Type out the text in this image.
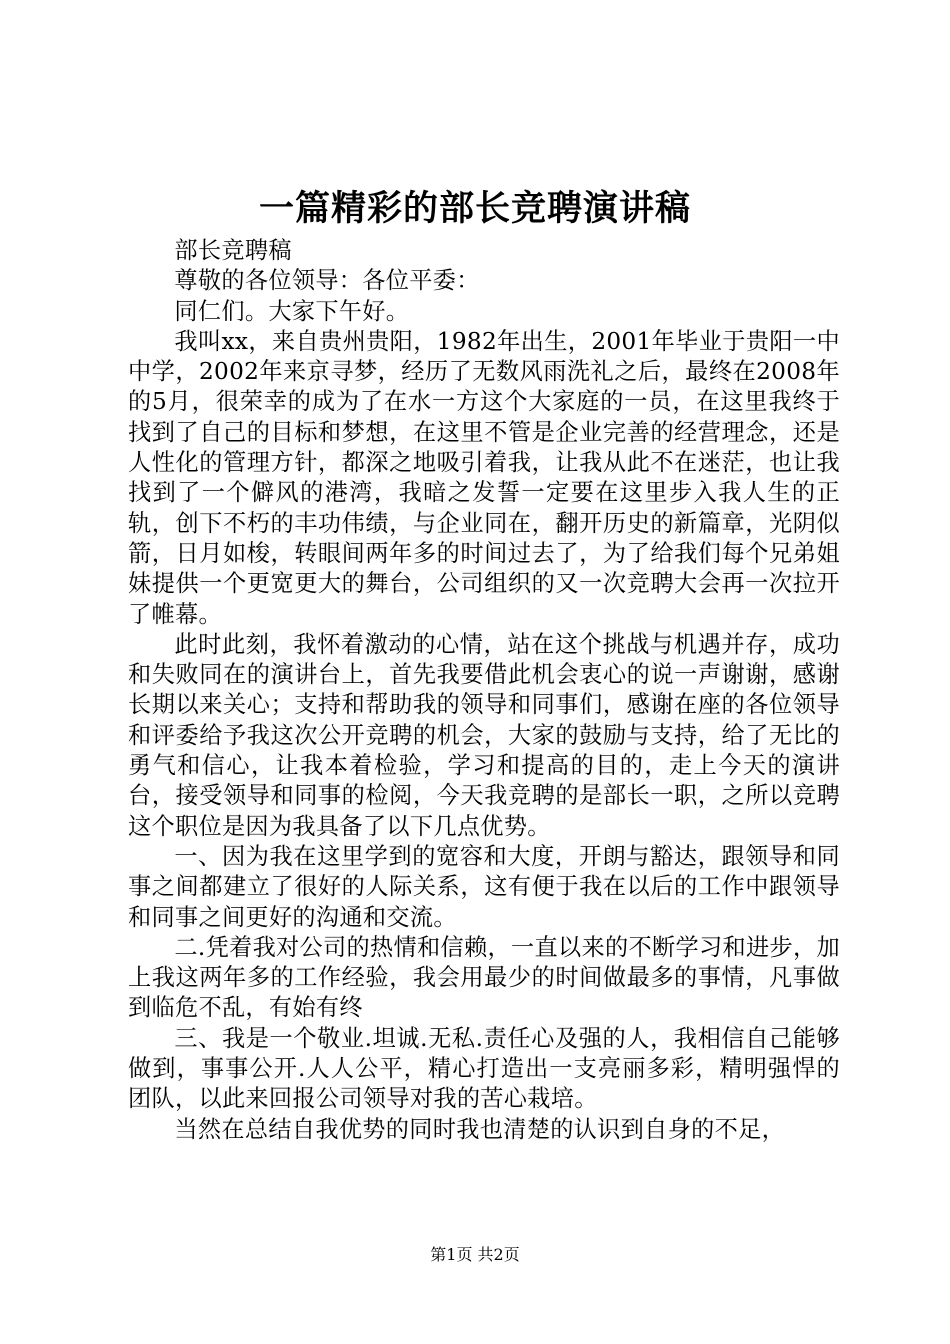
一篇精彩的部长竞聘演讲稿

部长竞聘稿

尊敬的各位领导：各位平委：

同仁们。大家下午好。

我叫xx，来自贵州贵阳，1982年出生，2001年毕业于贵阳一中中学，2002年来京寻梦，经历了无数风雨洗礼之后，最终在2008年的5月，很荣幸的成为了在水一方这个大家庭的一员，在这里我终于找到了自己的目标和梦想，在这里不管是企业完善的经营理念，还是人性化的管理方针，都深之地吸引着我，让我从此不在迷茫，也让我找到了一个僻风的港湾，我暗之发誓一定要在这里步入我人生的正轨，创下不朽的丰功伟绩，与企业同在，翻开历史的新篇章，光阴似箭，日月如梭，转眼间两年多的时间过去了，为了给我们每个兄弟姐妹提供一个更宽更大的舞台，公司组织的又一次竞聘大会再一次拉开了帷幕。

此时此刻，我怀着激动的心情，站在这个挑战与机遇并存，成功和失败同在的演讲台上，首先我要借此机会衷心的说一声谢谢，感谢长期以来关心；支持和帮助我的领导和同事们，感谢在座的各位领导和评委给予我这次公开竞聘的机会，大家的鼓励与支持，给了无比的勇气和信心，让我本着检验，学习和提高的目的，走上今天的演讲台，接受领导和同事的检阅，今天我竞聘的是部长一职，之所以竞聘这个职位是因为我具备了以下几点优势。

一、因为我在这里学到的宽容和大度，开朗与豁达，跟领导和同事之间都建立了很好的人际关系，这有便于我在以后的工作中跟领导和同事之间更好的沟通和交流。

二.凭着我对公司的热情和信赖，一直以来的不断学习和进步，加上我这两年多的工作经验，我会用最少的时间做最多的事情，凡事做到临危不乱，有始有终

三、我是一个敬业.坦诚.无私.责任心及强的人，我相信自己能够做到，事事公开.人人公平，精心打造出一支亮丽多彩，精明强悍的团队，以此来回报公司领导对我的苦心栽培。

当然在总结自我优势的同时我也清楚的认识到自身的不足，

第1页 共2页
